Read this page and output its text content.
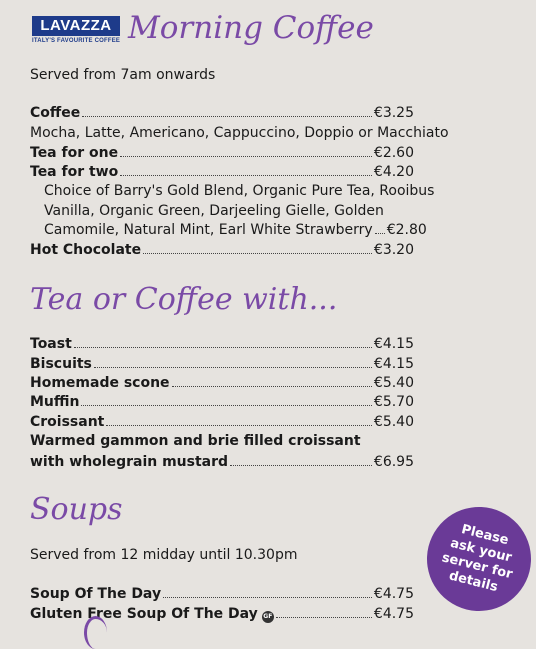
LAVAZZA
ITALY'S FAVOURITE COFFEE Morning Coffee
Served from 7am onwards
Coffee	€3.25
Mocha, Latte, Americano, Cappuccino, Doppio or Macchiato
Tea for one	€2.60
Tea for two	€4.20
Choice of Barry's Gold Blend, Organic Pure Tea, Rooibus
Vanilla, Organic Green, Darjeeling Gielle, Golden
Camomile, Natural Mint, Earl White Strawberry €2.80
Hot Chocolate	€3.20
Tea or Coffee with...
Toast	€4.15
Biscuits	€4.15
Homemade scone	€5.40
Muffin	€5.70
Croissant	€5.40
Warmed gammon and brie filled croissant
with wholegrain mustard	€6.95
Soups
Served from 12 midday until 10.30pm
Soup Of The Day	€4.75
Gluten Free Soup Of The Day GF	€4.75
Please
ask your
server for
details
